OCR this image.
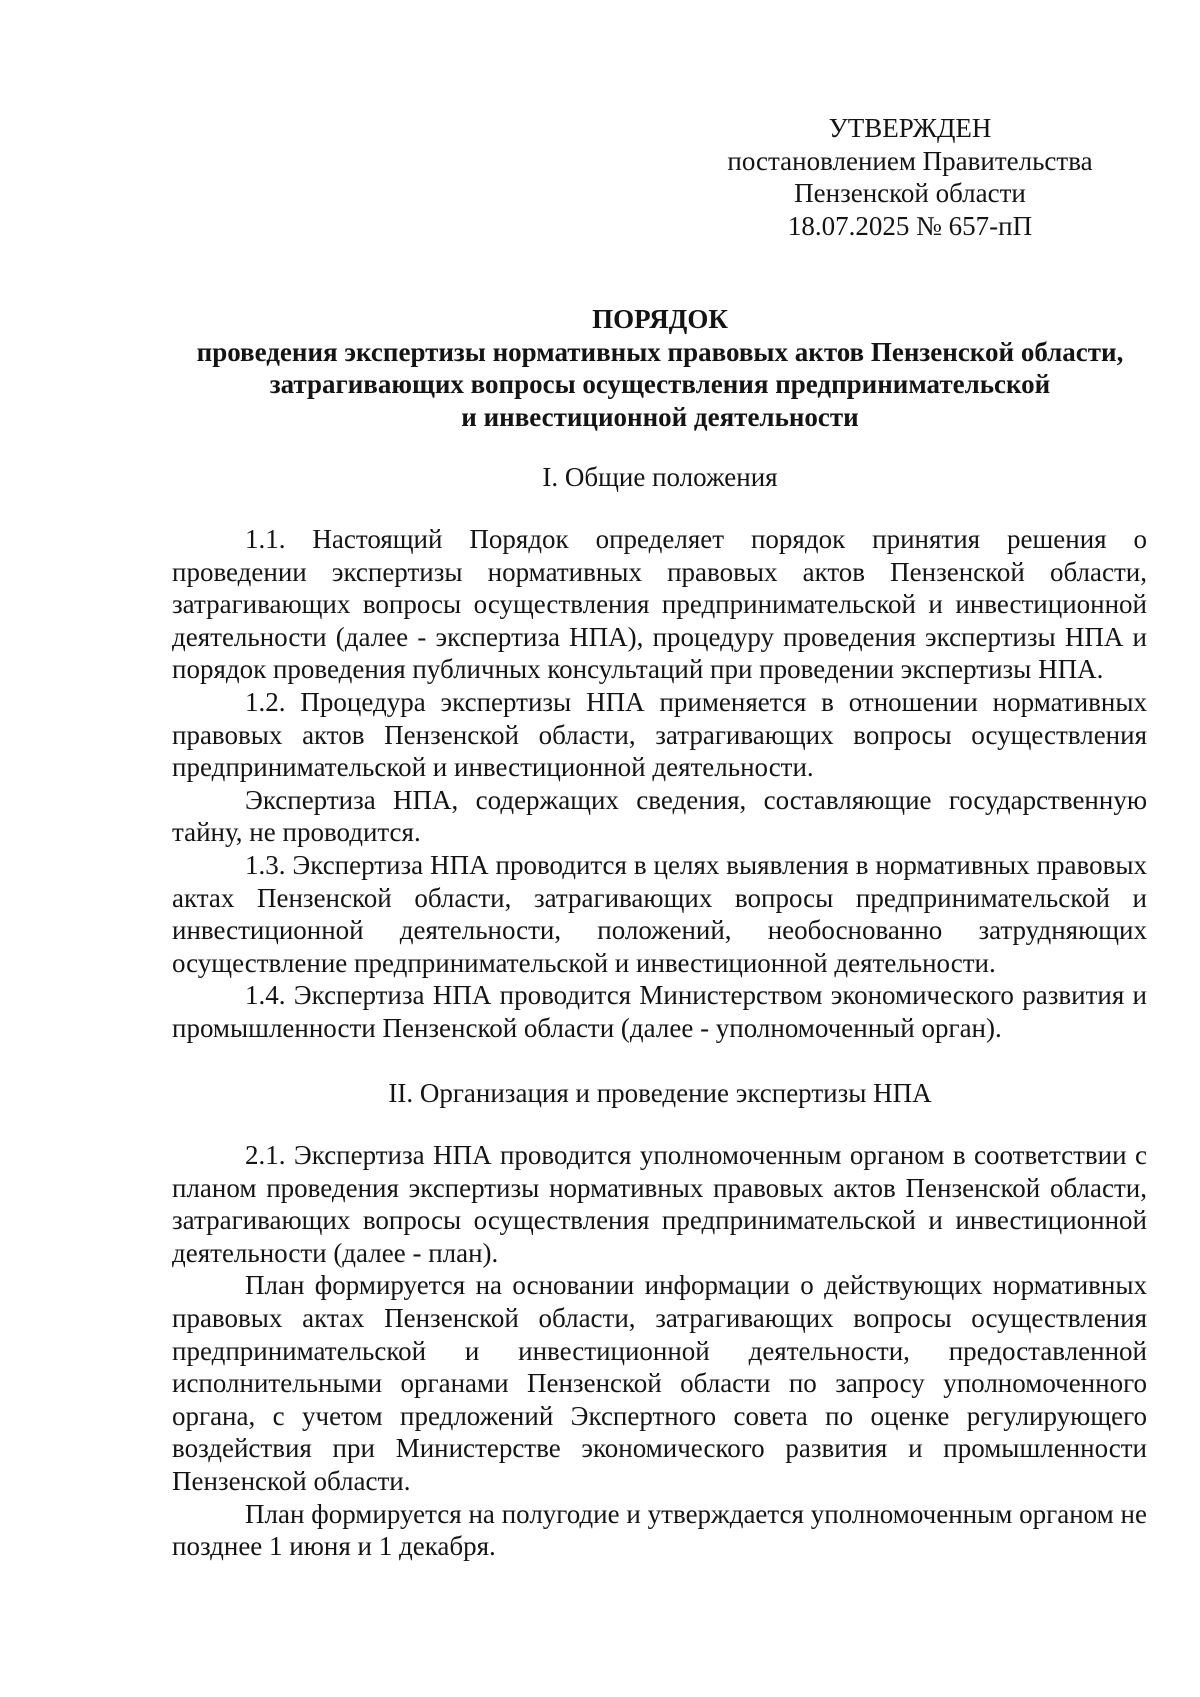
УТВЕРЖДЕН
постановлением Правительства
Пензенской области
18.07.2025 № 657-пП
ПОРЯДОК
проведения экспертизы нормативных правовых актов Пензенской области,
затрагивающих вопросы осуществления предпринимательской
и инвестиционной деятельности
I. Общие положения

1.1. Настоящий Порядок определяет порядок принятия решения о проведении экспертизы нормативных правовых актов Пензенской области, затрагивающих вопросы осуществления предпринимательской и инвестиционной деятельности (далее - экспертиза НПА), процедуру проведения экспертизы НПА и порядок проведения публичных консультаций при проведении экспертизы НПА.

1.2. Процедура экспертизы НПА применяется в отношении нормативных правовых актов Пензенской области, затрагивающих вопросы осуществления предпринимательской и инвестиционной деятельности.

Экспертиза НПА, содержащих сведения, составляющие государственную тайну, не проводится.

1.3. Экспертиза НПА проводится в целях выявления в нормативных правовых актах Пензенской области, затрагивающих вопросы предпринимательской и инвестиционной деятельности, положений, необоснованно затрудняющих осуществление предпринимательской и инвестиционной деятельности.

1.4. Экспертиза НПА проводится Министерством экономического развития и промышленности Пензенской области (далее - уполномоченный орган).

II. Организация и проведение экспертизы НПА

2.1. Экспертиза НПА проводится уполномоченным органом в соответствии с планом проведения экспертизы нормативных правовых актов Пензенской области, затрагивающих вопросы осуществления предпринимательской и инвестиционной деятельности (далее - план).

План формируется на основании информации о действующих нормативных правовых актах Пензенской области, затрагивающих вопросы осуществления предпринимательской и инвестиционной деятельности, предоставленной исполнительными органами Пензенской области по запросу уполномоченного органа, с учетом предложений Экспертного совета по оценке регулирующего воздействия при Министерстве экономического развития и промышленности Пензенской области.

План формируется на полугодие и утверждается уполномоченным органом не позднее 1 июня и 1 декабря.
